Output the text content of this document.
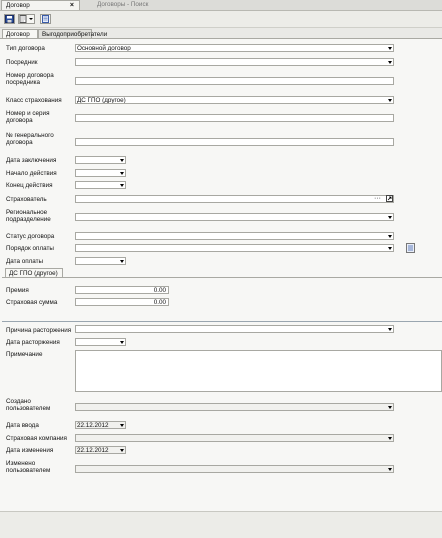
Договор	×	Договоры - Поиск
Договор	Выгодоприобретатели
Тип договора	Основной договор
Посредник
Номер договора посредника
Класс страхования	ДС ГПО (другое)
Номер и серия договора
№ генерального договора
Дата заключения
Начало действия
Конец действия
Страхователь	···
Региональное подразделение
Статус договора
Порядок оплаты
Дата оплаты
ДС ГПО (другое)
Премия	0.00
Страховая сумма	0.00
Причина расторжения
Дата расторжения
Примечание
Создано пользователем
Дата ввода	22.12.2012
Страховая компания
Дата изменения	22.12.2012
Изменено пользователем
